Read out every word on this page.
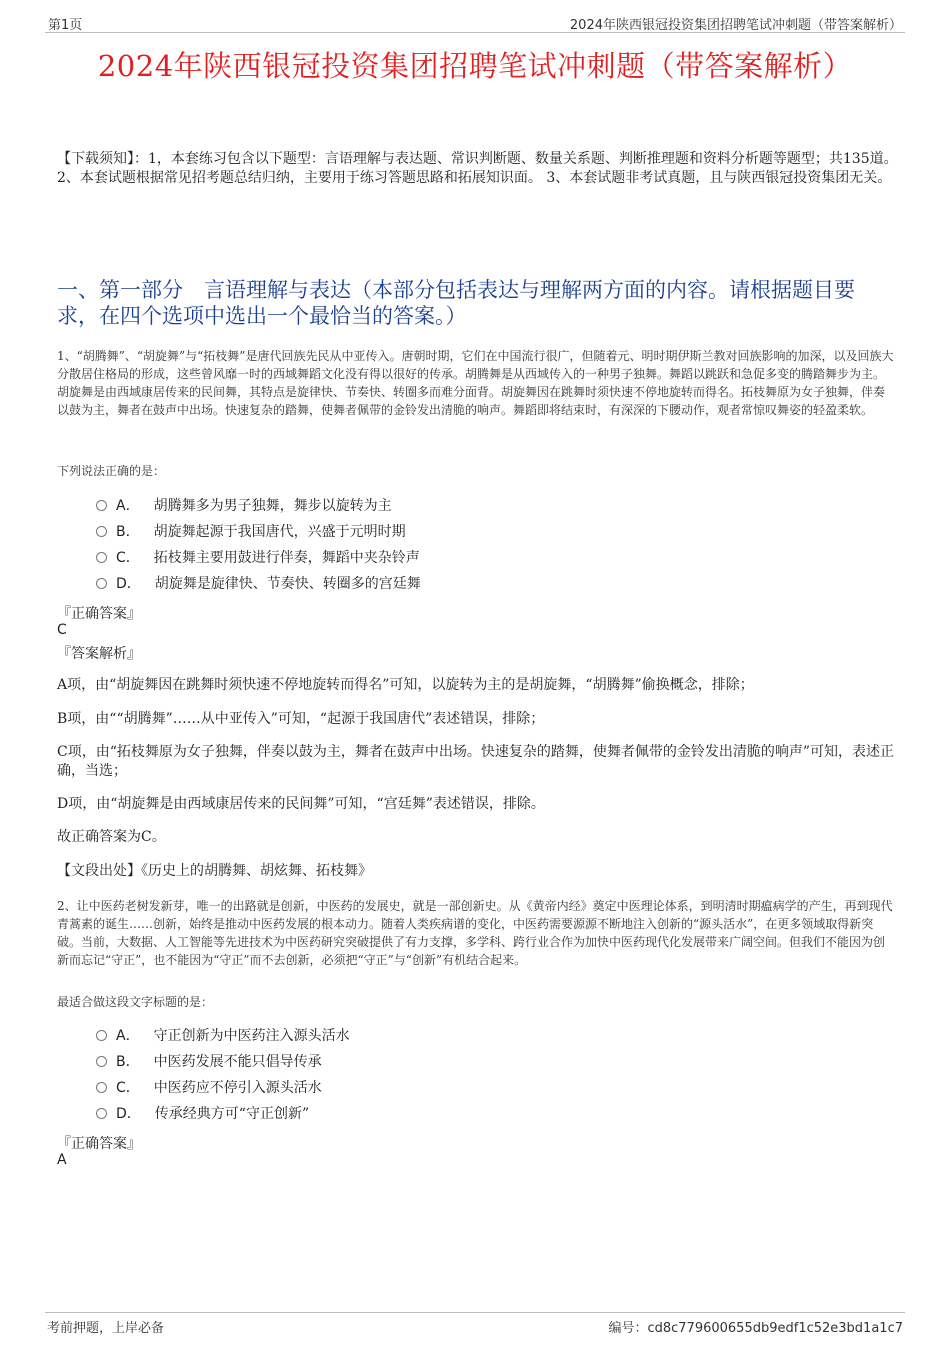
第1页	2024年陕西银冠投资集团招聘笔试冲刺题（带答案解析）
2024年陕西银冠投资集团招聘笔试冲刺题（带答案解析）
【下载须知】：1，本套练习包含以下题型：言语理解与表达题、常识判断题、数量关系题、判断推理题和资料分析题等题型；共135道。 2、本套试题根据常见招考题总结归纳，主要用于练习答题思路和拓展知识面。 3、本套试题非考试真题，且与陕西银冠投资集团无关。
一、第一部分　言语理解与表达（本部分包括表达与理解两方面的内容。请根据题目要求，在四个选项中选出一个最恰当的答案。）
1、“胡腾舞”、“胡旋舞”与“拓枝舞”是唐代回族先民从中亚传入。唐朝时期，它们在中国流行很广，但随着元、明时期伊斯兰教对回族影响的加深，以及回族大分散居住格局的形成，这些曾风靡一时的西域舞蹈文化没有得以很好的传承。胡腾舞是从西域传入的一种男子独舞。舞蹈以跳跃和急促多变的腾踏舞步为主。胡旋舞是由西域康居传来的民间舞，其特点是旋律快、节奏快、转圈多而难分面背。胡旋舞因在跳舞时须快速不停地旋转而得名。拓枝舞原为女子独舞，伴奏以鼓为主，舞者在鼓声中出场。快速复杂的踏舞，使舞者佩带的金铃发出清脆的响声。舞蹈即将结束时，有深深的下腰动作，观者常惊叹舞姿的轻盈柔软。
下列说法正确的是：
A． 胡腾舞多为男子独舞，舞步以旋转为主
B． 胡旋舞起源于我国唐代，兴盛于元明时期
C． 拓枝舞主要用鼓进行伴奏，舞蹈中夹杂铃声
D． 胡旋舞是旋律快、节奏快、转圈多的宫廷舞
『正确答案』
C
『答案解析』
A项，由“胡旋舞因在跳舞时须快速不停地旋转而得名”可知，以旋转为主的是胡旋舞，“胡腾舞”偷换概念，排除；
B项，由““胡腾舞”……从中亚传入”可知，“起源于我国唐代”表述错误，排除；
C项，由“拓枝舞原为女子独舞，伴奏以鼓为主，舞者在鼓声中出场。快速复杂的踏舞，使舞者佩带的金铃发出清脆的响声”可知，表述正确，当选；
D项，由“胡旋舞是由西域康居传来的民间舞”可知，“宫廷舞”表述错误，排除。
故正确答案为C。
【文段出处】《历史上的胡腾舞、胡炫舞、拓枝舞》
2、让中医药老树发新芽，唯一的出路就是创新，中医药的发展史，就是一部创新史。从《黄帝内经》奠定中医理论体系，到明清时期瘟病学的产生，再到现代青蒿素的诞生……创新，始终是推动中医药发展的根本动力。随着人类疾病谱的变化，中医药需要源源不断地注入创新的“源头活水”，在更多领域取得新突破。当前，大数据、人工智能等先进技术为中医药研究突破提供了有力支撑，多学科、跨行业合作为加快中医药现代化发展带来广阔空间。但我们不能因为创新而忘记“守正”，也不能因为“守正”而不去创新，必须把“守正”与“创新”有机结合起来。
最适合做这段文字标题的是：
A． 守正创新为中医药注入源头活水
B． 中医药发展不能只倡导传承
C． 中医药应不停引入源头活水
D． 传承经典方可“守正创新”
『正确答案』
A
考前押题，上岸必备	编号：cd8c779600655db9edf1c52e3bd1a1c7
